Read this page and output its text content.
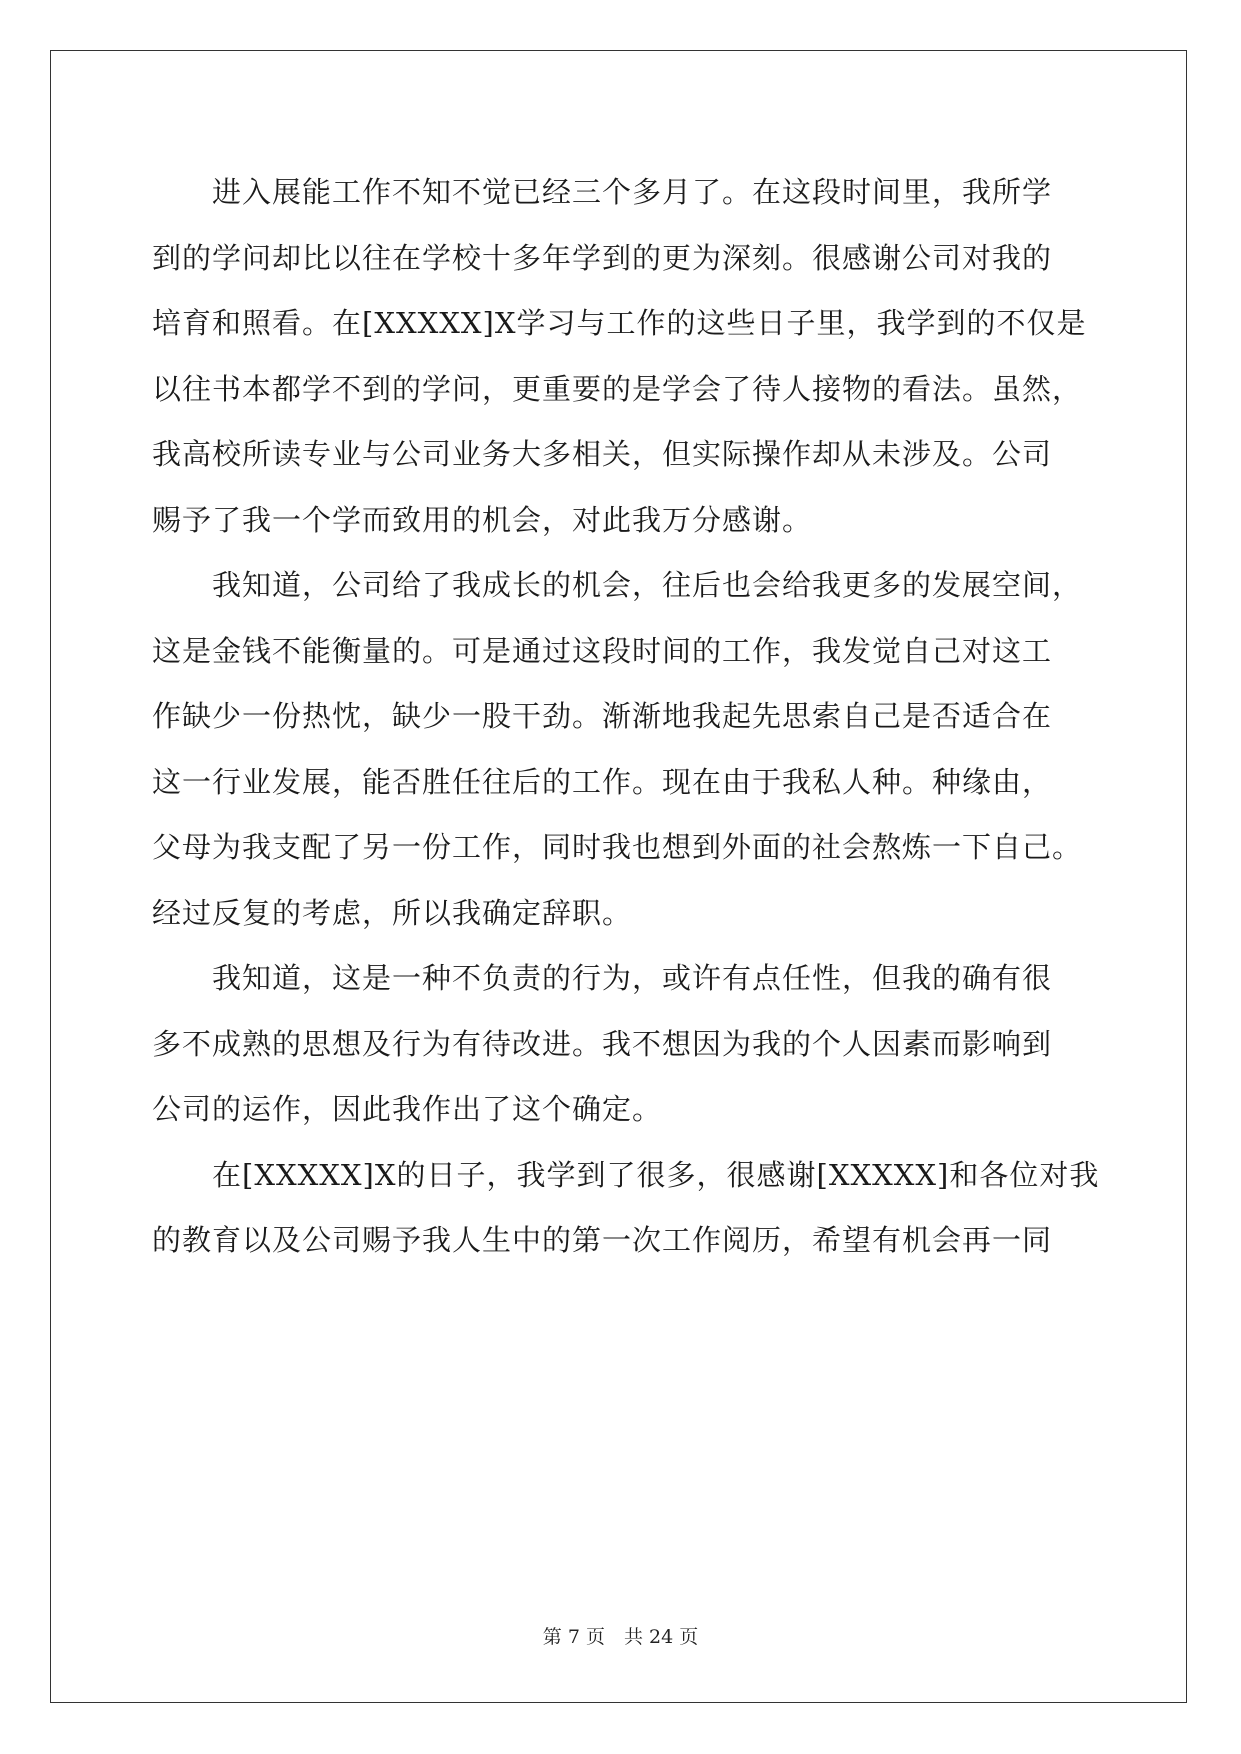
　　进入展能工作不知不觉已经三个多月了。在这段时间里，我所学
到的学问却比以往在学校十多年学到的更为深刻。很感谢公司对我的
培育和照看。在[XXXXX]X学习与工作的这些日子里，我学到的不仅是
以往书本都学不到的学问，更重要的是学会了待人接物的看法。虽然，
我高校所读专业与公司业务大多相关，但实际操作却从未涉及。公司
赐予了我一个学而致用的机会，对此我万分感谢。
　　我知道，公司给了我成长的机会，往后也会给我更多的发展空间，
这是金钱不能衡量的。可是通过这段时间的工作，我发觉自己对这工
作缺少一份热忱，缺少一股干劲。渐渐地我起先思索自己是否适合在
这一行业发展，能否胜任往后的工作。现在由于我私人种。种缘由，
父母为我支配了另一份工作，同时我也想到外面的社会熬炼一下自己。
经过反复的考虑，所以我确定辞职。
　　我知道，这是一种不负责的行为，或许有点任性，但我的确有很
多不成熟的思想及行为有待改进。我不想因为我的个人因素而影响到
公司的运作，因此我作出了这个确定。
　　在[XXXXX]X的日子，我学到了很多，很感谢[XXXXX]和各位对我
的教育以及公司赐予我人生中的第一次工作阅历，希望有机会再一同
第 7 页　共 24 页
